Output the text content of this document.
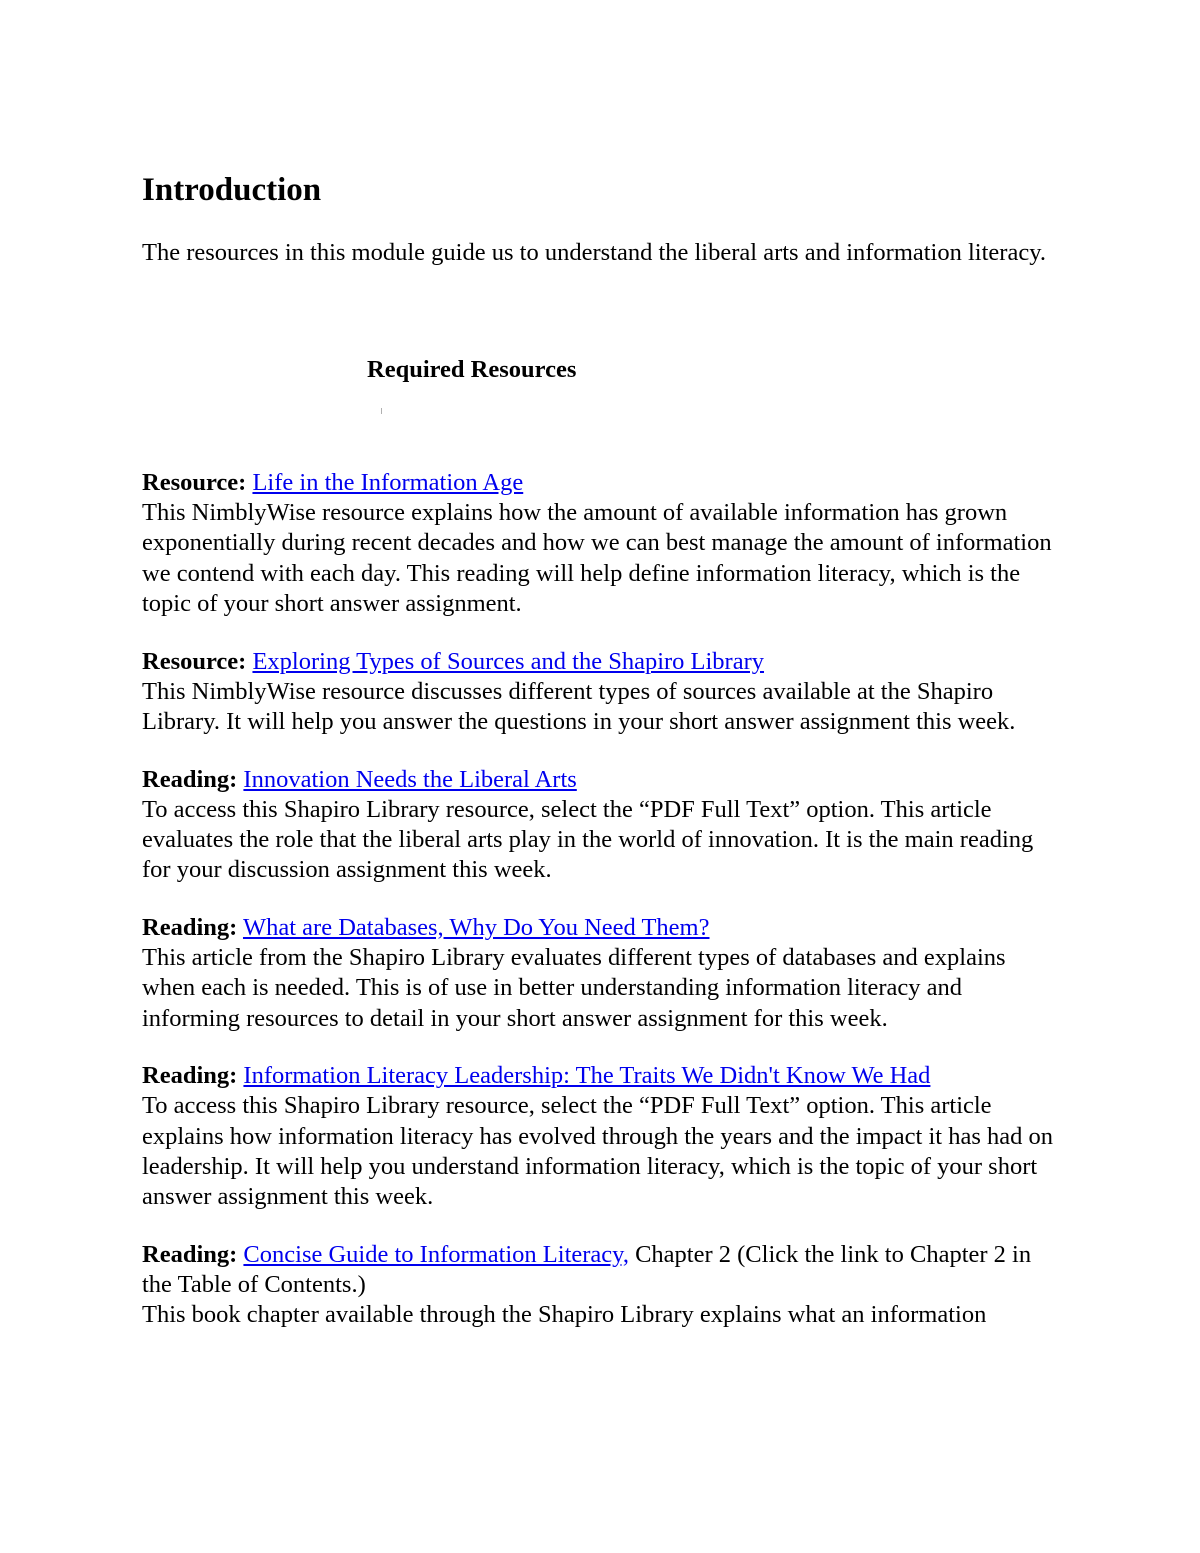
Introduction

The resources in this module guide us to understand the liberal arts and information literacy.

Required Resources
Resource: Life in the Information Age
This NimblyWise resource explains how the amount of available information has grown exponentially during recent decades and how we can best manage the amount of information we contend with each day. This reading will help define information literacy, which is the topic of your short answer assignment.
Resource: Exploring Types of Sources and the Shapiro Library
This NimblyWise resource discusses different types of sources available at the Shapiro Library. It will help you answer the questions in your short answer assignment this week.
Reading: Innovation Needs the Liberal Arts
To access this Shapiro Library resource, select the “PDF Full Text” option. This article evaluates the role that the liberal arts play in the world of innovation. It is the main reading for your discussion assignment this week.
Reading: What are Databases, Why Do You Need Them?
This article from the Shapiro Library evaluates different types of databases and explains when each is needed. This is of use in better understanding information literacy and informing resources to detail in your short answer assignment for this week.
Reading: Information Literacy Leadership: The Traits We Didn't Know We Had
To access this Shapiro Library resource, select the “PDF Full Text” option. This article explains how information literacy has evolved through the years and the impact it has had on leadership. It will help you understand information literacy, which is the topic of your short answer assignment this week.
Reading: Concise Guide to Information Literacy, Chapter 2 (Click the link to Chapter 2 in the Table of Contents.)
This book chapter available through the Shapiro Library explains what an information
